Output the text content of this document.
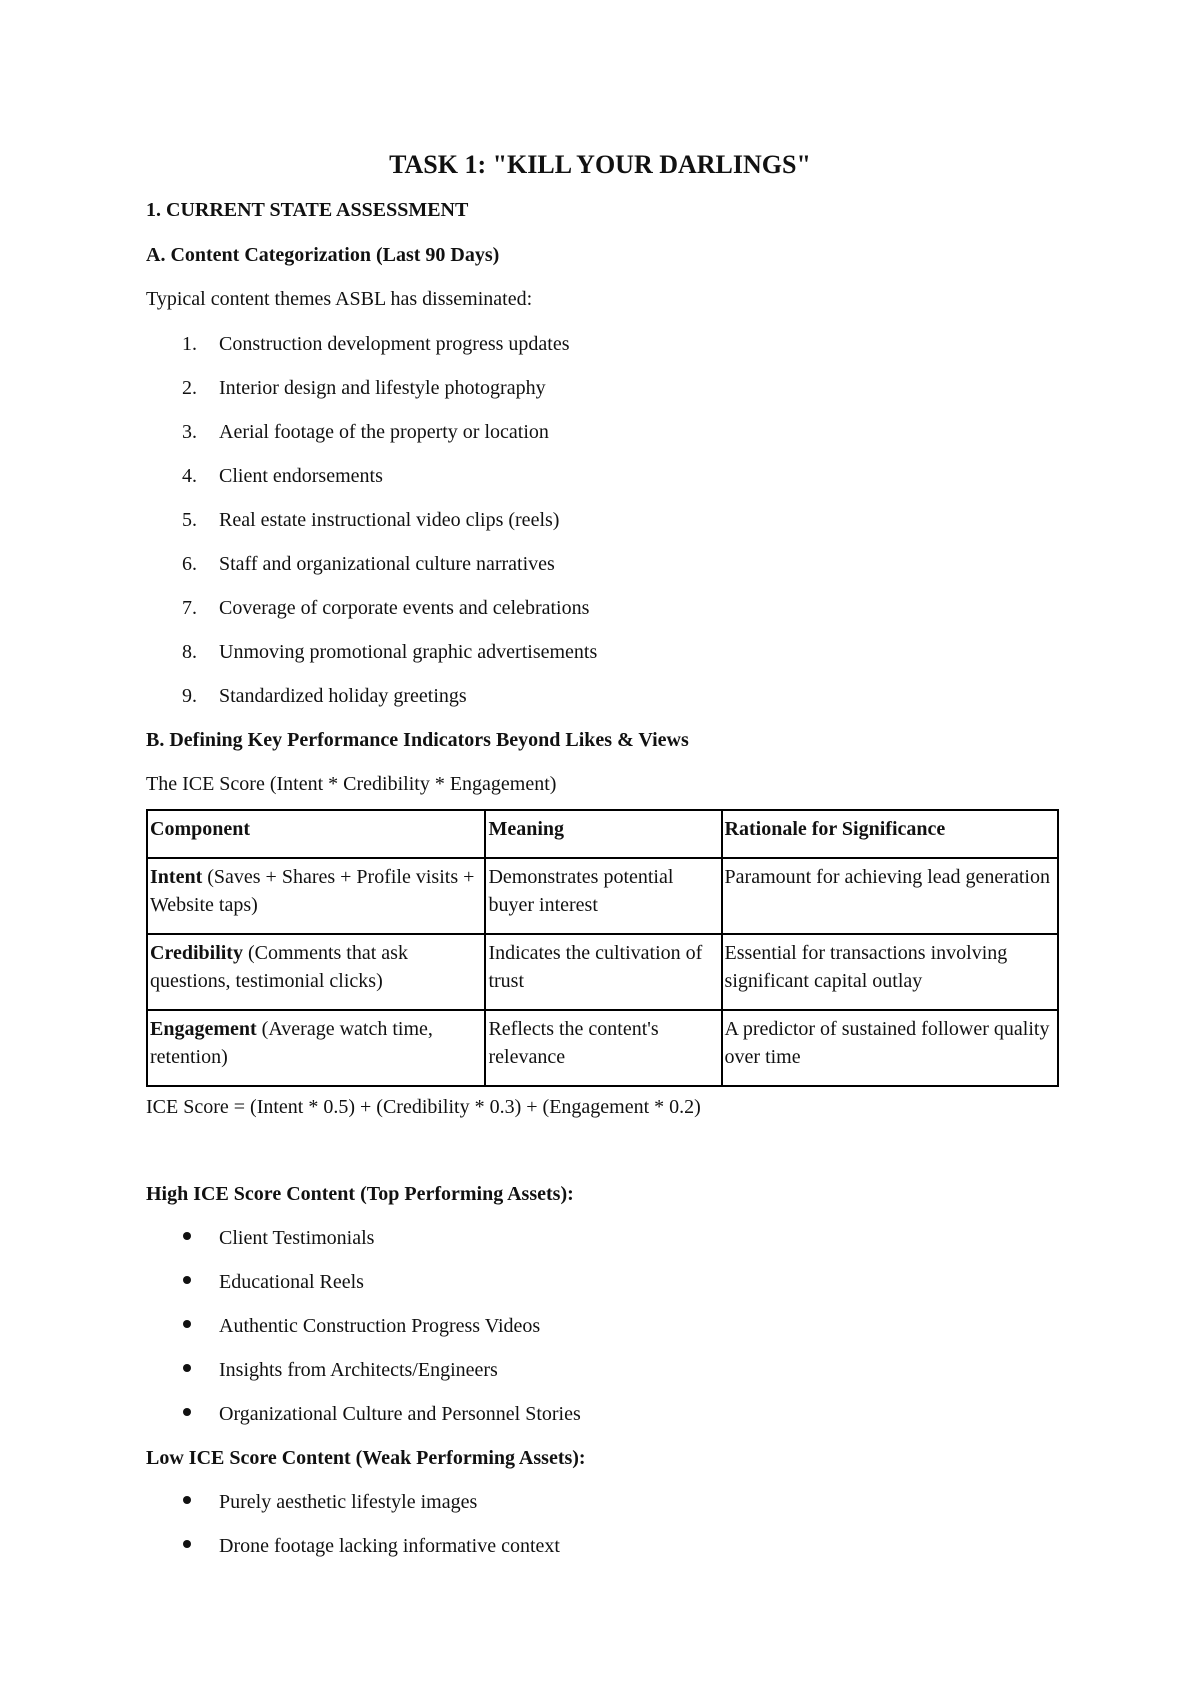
TASK 1: "KILL YOUR DARLINGS"
1. CURRENT STATE ASSESSMENT
A. Content Categorization (Last 90 Days)
Typical content themes ASBL has disseminated:
1. Construction development progress updates
2. Interior design and lifestyle photography
3. Aerial footage of the property or location
4. Client endorsements
5. Real estate instructional video clips (reels)
6. Staff and organizational culture narratives
7. Coverage of corporate events and celebrations
8. Unmoving promotional graphic advertisements
9. Standardized holiday greetings
B. Defining Key Performance Indicators Beyond Likes & Views
The ICE Score (Intent * Credibility * Engagement)
Component	Meaning	Rationale for Significance
Intent (Saves + Shares + Profile visits + Website taps)	Demonstrates potential buyer interest	Paramount for achieving lead generation
Credibility (Comments that ask questions, testimonial clicks)	Indicates the cultivation of trust	Essential for transactions involving significant capital outlay
Engagement (Average watch time, retention)	Reflects the content's relevance	A predictor of sustained follower quality over time
ICE Score = (Intent * 0.5) + (Credibility * 0.3) + (Engagement * 0.2)
High ICE Score Content (Top Performing Assets):
Client Testimonials
Educational Reels
Authentic Construction Progress Videos
Insights from Architects/Engineers
Organizational Culture and Personnel Stories
Low ICE Score Content (Weak Performing Assets):
Purely aesthetic lifestyle images
Drone footage lacking informative context
